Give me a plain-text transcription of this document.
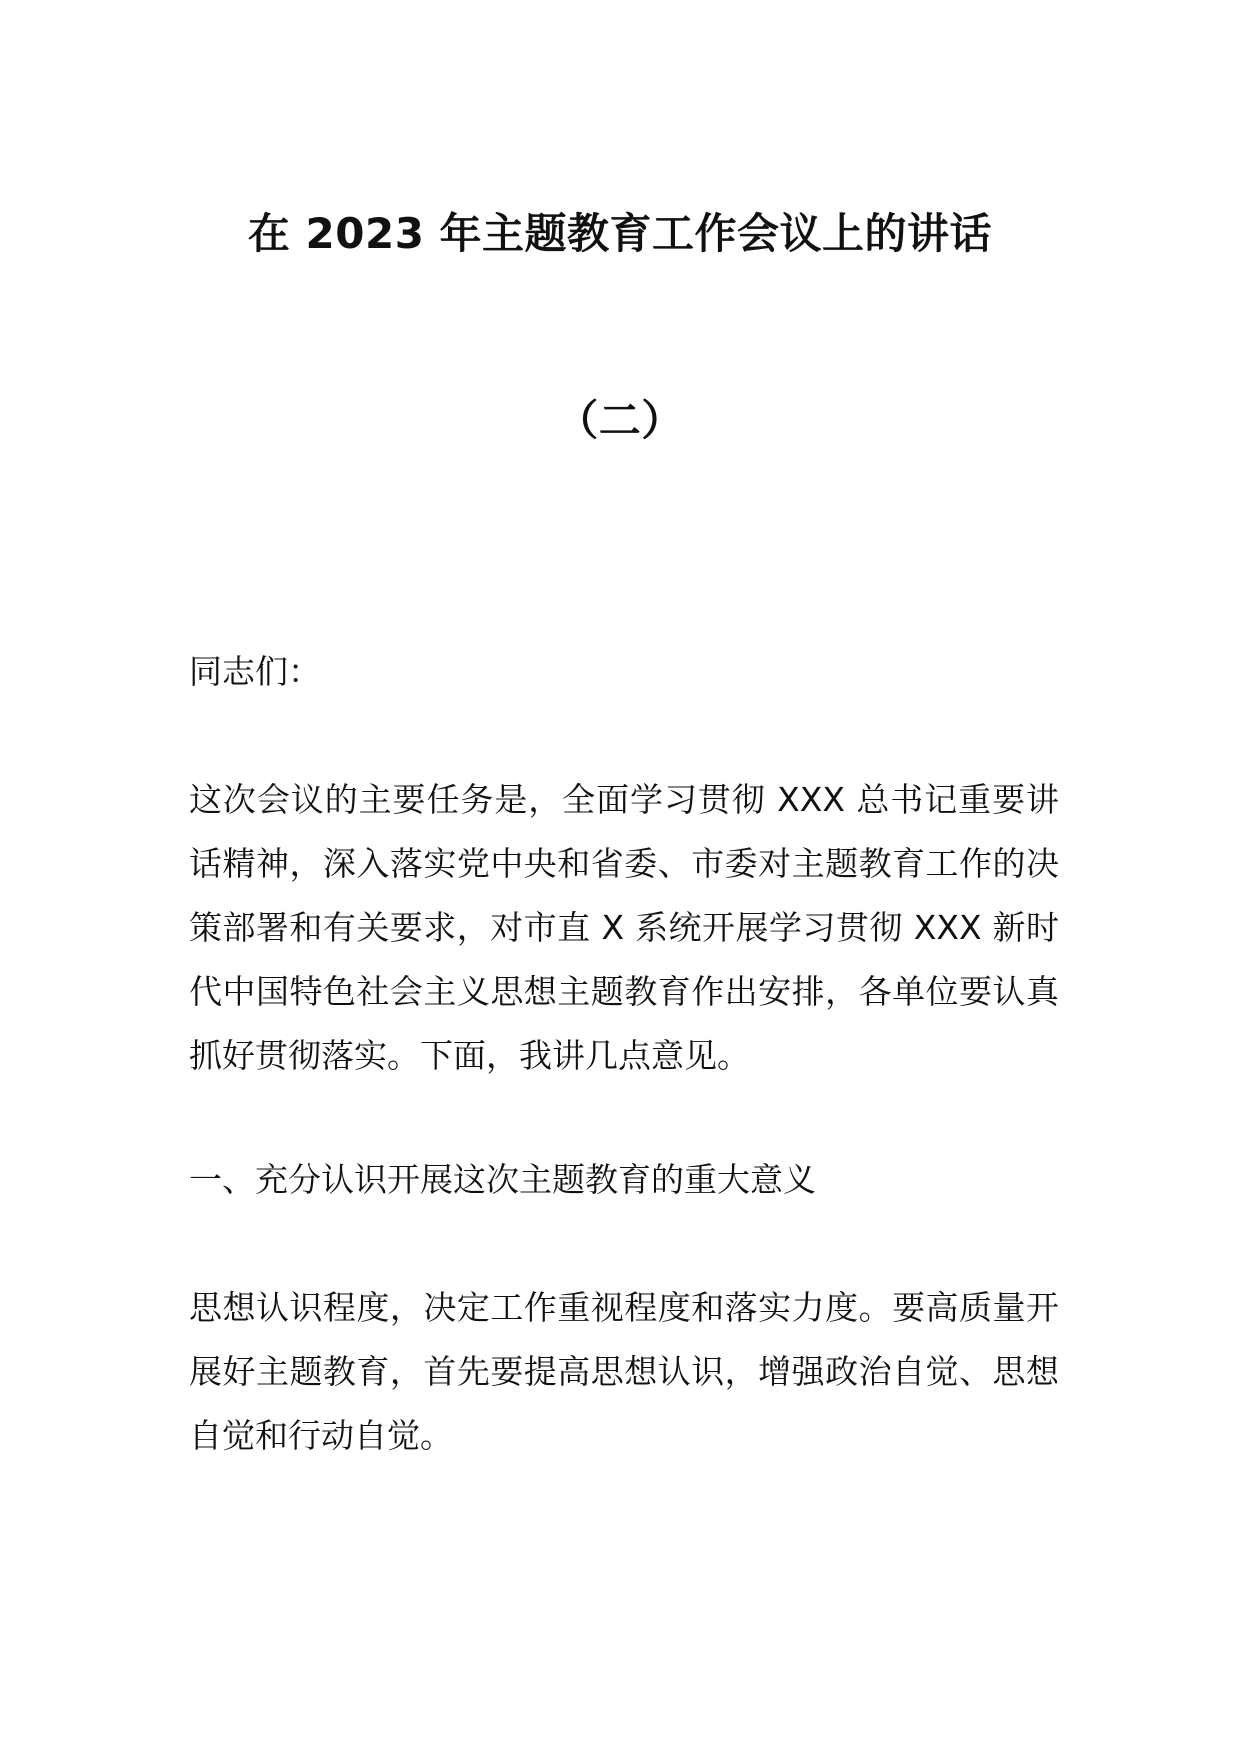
在 2023 年主题教育工作会议上的讲话
（二）

同志们：

这次会议的主要任务是，全面学习贯彻 XXX 总书记重要讲话精神，深入落实党中央和省委、市委对主题教育工作的决策部署和有关要求，对市直 X 系统开展学习贯彻 XXX 新时代中国特色社会主义思想主题教育作出安排，各单位要认真抓好贯彻落实。下面，我讲几点意见。

一、充分认识开展这次主题教育的重大意义

思想认识程度，决定工作重视程度和落实力度。要高质量开展好主题教育，首先要提高思想认识，增强政治自觉、思想自觉和行动自觉。
